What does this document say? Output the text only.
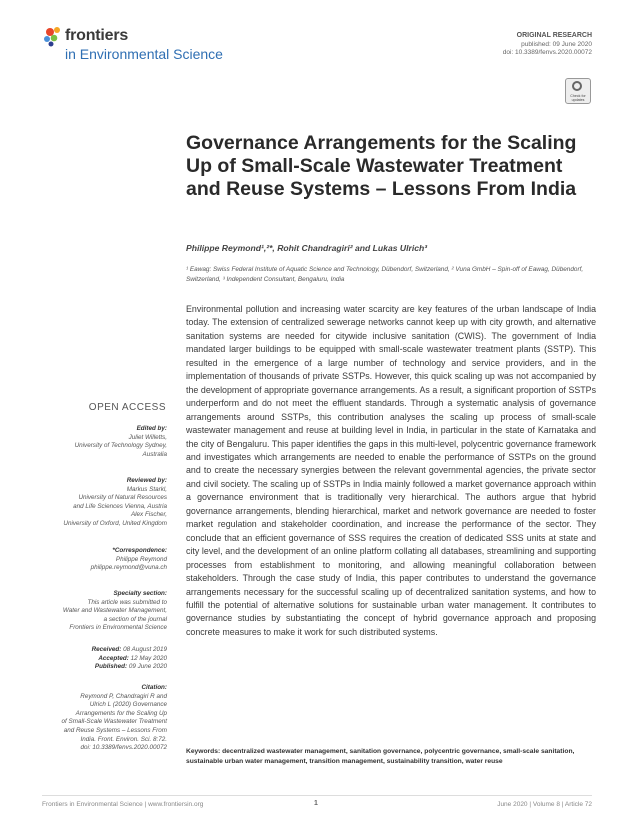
frontiers
in Environmental Science
ORIGINAL RESEARCH
published: 09 June 2020
doi: 10.3389/fenvs.2020.00072
Check for
updates
Governance Arrangements for the Scaling Up of Small-Scale Wastewater Treatment and Reuse Systems – Lessons From India
Philippe Reymond¹,²*, Rohit Chandragiri² and Lukas Ulrich³
¹ Eawag: Swiss Federal Institute of Aquatic Science and Technology, Dübendorf, Switzerland, ² Vuna GmbH – Spin-off of Eawag, Dübendorf, Switzerland, ³ Independent Consultant, Bengaluru, India

Environmental pollution and increasing water scarcity are key features of the urban landscape of India today. The extension of centralized sewerage networks cannot keep up with city growth, and alternative sanitation systems are needed for citywide inclusive sanitation (CWIS). The government of India mandated larger buildings to be equipped with small-scale wastewater treatment plants (SSTP). This resulted in the emergence of a large number of technology and service providers, and in the implementation of thousands of private SSTPs. However, this quick scaling up was not accompanied by the development of appropriate governance arrangements. As a result, a significant proportion of SSTPs underperform and do not meet the effluent standards. Through a systematic analysis of governance arrangements around SSTPs, this contribution analyses the scaling up process of small-scale wastewater management and reuse at building level in India, in particular in the state of Karnataka and the city of Bengaluru. This paper identifies the gaps in this multi-level, polycentric governance framework and investigates which arrangements are needed to enable the performance of SSTPs on the ground and to create the necessary synergies between the relevant governmental agencies, the private sector and civil society. The scaling up of SSTPs in India mainly followed a market governance approach within a governance environment that is traditionally very hierarchical. The authors argue that hybrid governance arrangements, blending hierarchical, market and network governance are needed to foster market regulation and stakeholder coordination, and increase the performance of the sector. They conclude that an efficient governance of SSS requires the creation of dedicated SSS units at state and city level, and the development of an online platform collating all databases, streamlining and supporting processes from establishment to monitoring, and allowing meaningful collaboration between stakeholders. Through the case study of India, this paper contributes to understand the governance arrangements necessary for the successful scaling up of decentralized sanitation systems, and how to fulfill the potential of alternative solutions for sustainable urban water management. It contributes to governance studies by substantiating the concept of hybrid governance approach and proposing concrete measures to make it work for such distributed systems.

Keywords: decentralized wastewater management, sanitation governance, polycentric governance, small-scale sanitation, sustainable urban water management, transition management, sustainability transition, water reuse
OPEN ACCESS
Edited by:
Juliet Willetts,
University of Technology Sydney,
Australia
Reviewed by:
Markus Starkl,
University of Natural Resources
and Life Sciences Vienna, Austria
Alex Fischer,
University of Oxford, United Kingdom
*Correspondence:
Philippe Reymond
philippe.reymond@vuna.ch
Specialty section:
This article was submitted to
Water and Wastewater Management,
a section of the journal
Frontiers in Environmental Science
Received: 08 August 2019
Accepted: 12 May 2020
Published: 09 June 2020
Citation:
Reymond P, Chandragiri R and
Ulrich L (2020) Governance
Arrangements for the Scaling Up
of Small-Scale Wastewater Treatment
and Reuse Systems – Lessons From
India. Front. Environ. Sci. 8:72.
doi: 10.3389/fenvs.2020.00072
Frontiers in Environmental Science | www.frontiersin.org	1	June 2020 | Volume 8 | Article 72
